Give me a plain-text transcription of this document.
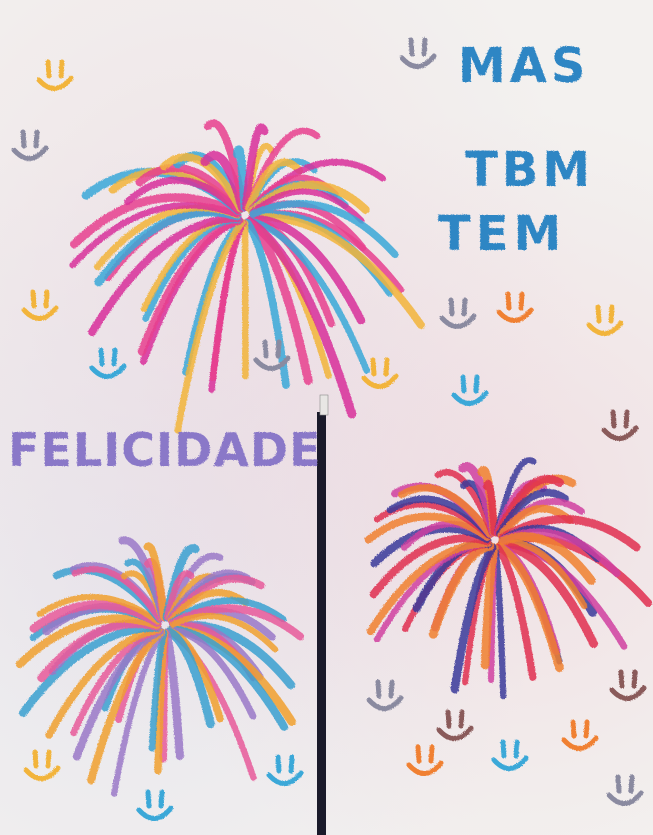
MAS
TBM
TEM
FELICIDADE
